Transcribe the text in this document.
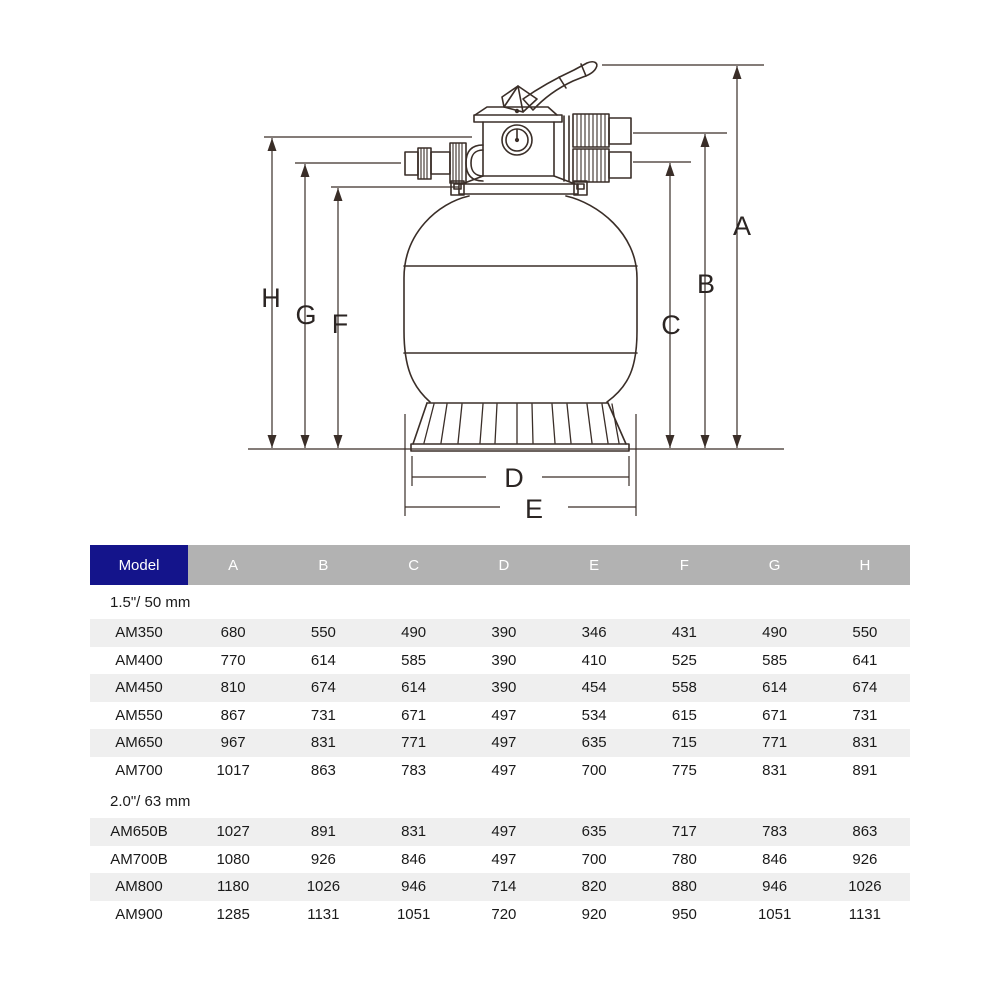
A
B
C
D
E
F
G
H
Model	A	B	C	D	E	F	G	H
1.5"/ 50 mm
AM350	680	550	490	390	346	431	490	550
AM400	770	614	585	390	410	525	585	641
AM450	810	674	614	390	454	558	614	674
AM550	867	731	671	497	534	615	671	731
AM650	967	831	771	497	635	715	771	831
AM700	1017	863	783	497	700	775	831	891
2.0"/ 63 mm
AM650B	1027	891	831	497	635	717	783	863
AM700B	1080	926	846	497	700	780	846	926
AM800	1180	1026	946	714	820	880	946	1026
AM900	1285	1131	1051	720	920	950	1051	1131
